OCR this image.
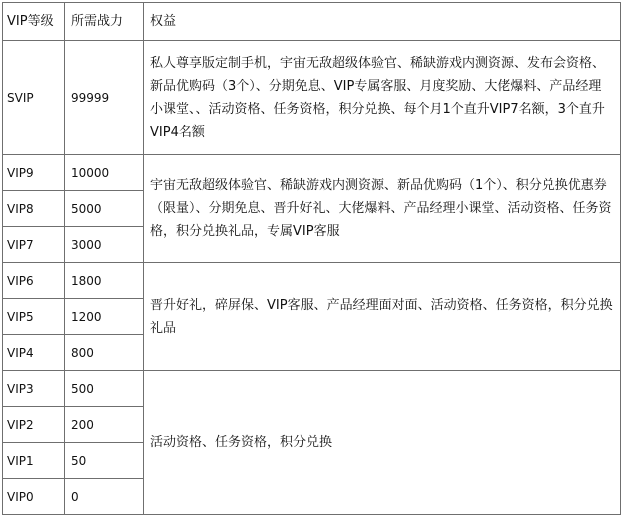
VIP等级	所需战力	权益
SVIP	99999	私人尊享版定制手机，宇宙无敌超级体验官、稀缺游戏内测资源、发布会资格、新品优购码（3个）、分期免息、VIP专属客服、月度奖励、大佬爆料、产品经理小课堂、、活动资格、任务资格，积分兑换、每个月1个直升VIP7名额，3个直升VIP4名额
VIP9	10000	宇宙无敌超级体验官、稀缺游戏内测资源、新品优购码（1个）、积分兑换优惠券（限量）、分期免息、晋升好礼、大佬爆料、产品经理小课堂、活动资格、任务资格，积分兑换礼品，专属VIP客服
VIP8	5000	
VIP7	3000	
VIP6	1800	晋升好礼，碎屏保、VIP客服、产品经理面对面、活动资格、任务资格，积分兑换礼品
VIP5	1200	
VIP4	800	
VIP3	500	活动资格、任务资格，积分兑换
VIP2	200	
VIP1	50	
VIP0	0	
